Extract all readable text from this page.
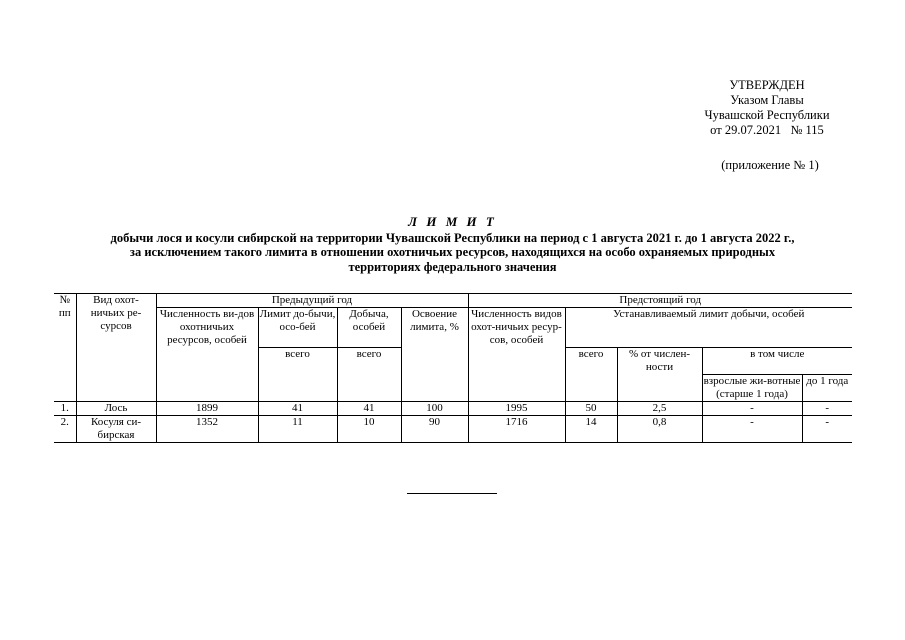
УТВЕРЖДЕН
Указом Главы
Чувашской Республики
от 29.07.2021   № 115
(приложение № 1)
Л И М И Т
добычи лося и косули сибирской на территории Чувашской Республики на период с 1 августа 2021 г. до 1 августа 2022 г.,
за исключением такого лимита в отношении охотничьих ресурсов, находящихся на особо охраняемых природных
территориях федерального значения
№ пп	Вид охот-ничьих ре-сурсов	Предыдущий год				Предстоящий год				
		Численность ви-дов охотничьих ресурсов, особей	Лимит до-бычи, осо-бей	Добыча, особей	Освоение лимита, %	Численность видов охот-ничьих ресур-сов, особей	Устанавливаемый лимит добычи, особей			
			всего	всего			всего	% от числен-ности	в том числе	
									взрослые жи-вотные (старше 1 года)	до 1 года
1.	Лось	1899	41	41	100	1995	50	2,5	-	-
2.	Косуля си-бирская	1352	11	10	90	1716	14	0,8	-	-
